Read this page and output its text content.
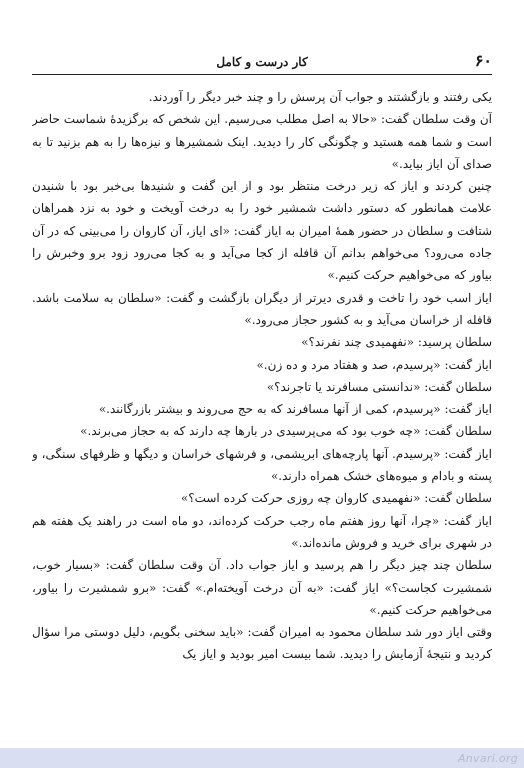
۶۰
کار درست و کامل

یکی رفتند و بازگشتند و جواب آن پرسش را و چند خبر دیگر را آوردند.

آن وقت سلطان گفت: «حالا به اصل مطلب می‌رسیم. این شخص که برگزیدهٔ شماست حاضر است و شما همه هستید و چگونگی کار را دیدید. اینک شمشیرها و نیزه‌ها را به هم بزنید تا به صدای آن ایاز بیاید.»

چنین کردند و ایاز که زیر درخت منتظر بود و از این گفت و شنیدها بی‌خبر بود با شنیدن علامت همانطور که دستور داشت شمشیر خود را به درخت آویخت و خود به نزد همراهان شتافت و سلطان در حضور همهٔ امیران به ایاز گفت: «ای ایاز، آن کاروان را می‌بینی که در آن جاده می‌رود؟ می‌خواهم بدانم آن قافله از کجا می‌آید و به کجا می‌رود زود برو وخبرش را بیاور که می‌خواهیم حرکت کنیم.»

ایاز اسب خود را تاخت و قدری دیرتر از دیگران بازگشت و گفت: «سلطان به سلامت باشد. قافله از خراسان می‌آید و به کشور حجاز می‌رود.»

سلطان پرسید: «نفهمیدی چند نفرند؟»

ایاز گفت: «پرسیدم، صد و هفتاد مرد و ده زن.»

سلطان گفت: «ندانستی مسافرند یا تاجرند؟»

ایاز گفت: «پرسیدم، کمی از آنها مسافرند که به حج می‌روند و بیشتر بازرگانند.»

سلطان گفت: «چه خوب بود که می‌پرسیدی در بارها چه دارند که به حجاز می‌برند.»

ایاز گفت: «پرسیدم. آنها پارچه‌های ابریشمی، و فرشهای خراسان و دیگها و ظرفهای سنگی، و پسته و بادام و میوه‌های خشک همراه دارند.»

سلطان گفت: «نفهمیدی کاروان چه روزی حرکت کرده است؟»

ایاز گفت: «چرا، آنها روز هفتم ماه رجب حرکت کرده‌اند، دو ماه است در راهند یک هفته هم در شهری برای خرید و فروش مانده‌اند.»

سلطان چند چیز دیگر را هم پرسید و ایاز جواب داد. آن وقت سلطان گفت: «بسیار خوب، شمشیرت کجاست؟» ایاز گفت: «به آن درخت آویخته‌ام.» گفت: «برو شمشیرت را بیاور، می‌خواهیم حرکت کنیم.»

وقتی ایاز دور شد سلطان محمود به امیران گفت: «باید سخنی بگویم، دلیل دوستی مرا سؤال کردید و نتیجهٔ آزمایش را دیدید. شما بیست امیر بودید و ایاز یک

Anvari.org
